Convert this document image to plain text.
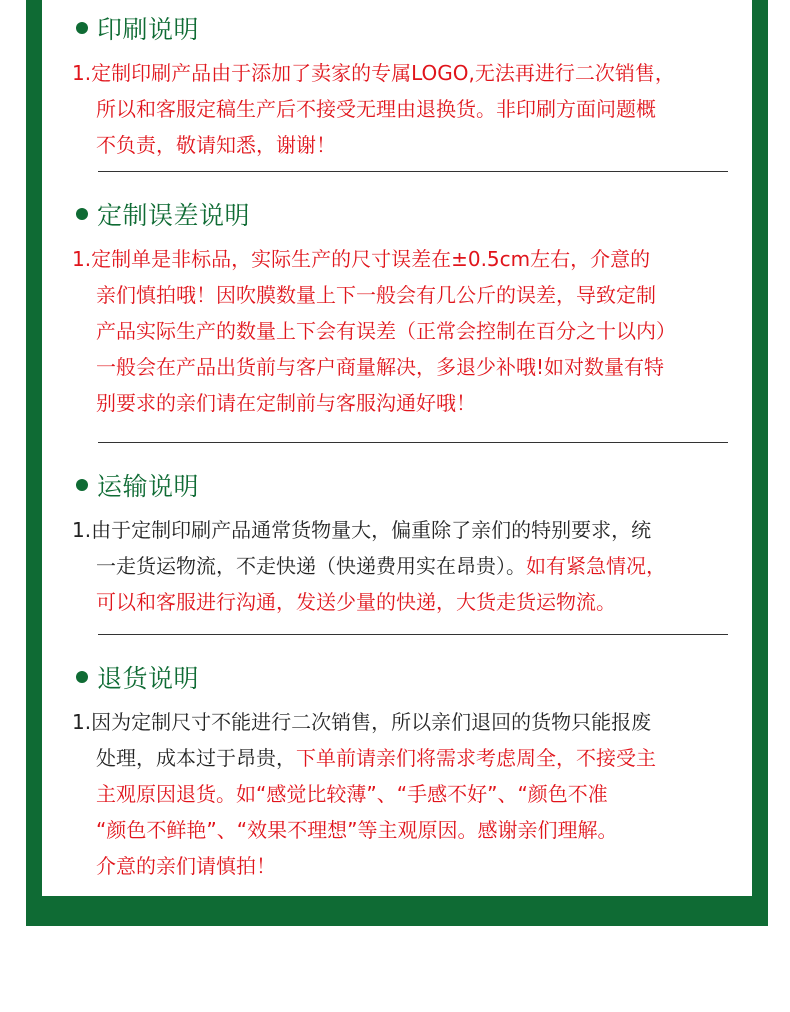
印刷说明
1.定制印刷产品由于添加了卖家的专属LOGO,无法再进行二次销售，
所以和客服定稿生产后不接受无理由退换货。非印刷方面问题概
不负责，敬请知悉，谢谢！
定制误差说明
1.定制单是非标品，实际生产的尺寸误差在±0.5cm左右，介意的
亲们慎拍哦！因吹膜数量上下一般会有几公斤的误差，导致定制
产品实际生产的数量上下会有误差（正常会控制在百分之十以内）
一般会在产品出货前与客户商量解决，多退少补哦!如对数量有特
别要求的亲们请在定制前与客服沟通好哦！
运输说明
1.由于定制印刷产品通常货物量大，偏重除了亲们的特别要求，统
一走货运物流，不走快递（快递费用实在昂贵）。如有紧急情况，
可以和客服进行沟通，发送少量的快递，大货走货运物流。
退货说明
1.因为定制尺寸不能进行二次销售，所以亲们退回的货物只能报废
处理，成本过于昂贵，下单前请亲们将需求考虑周全，不接受主
主观原因退货。如“感觉比较薄”、“手感不好”、“颜色不准
“颜色不鲜艳”、“效果不理想”等主观原因。感谢亲们理解。
介意的亲们请慎拍！
